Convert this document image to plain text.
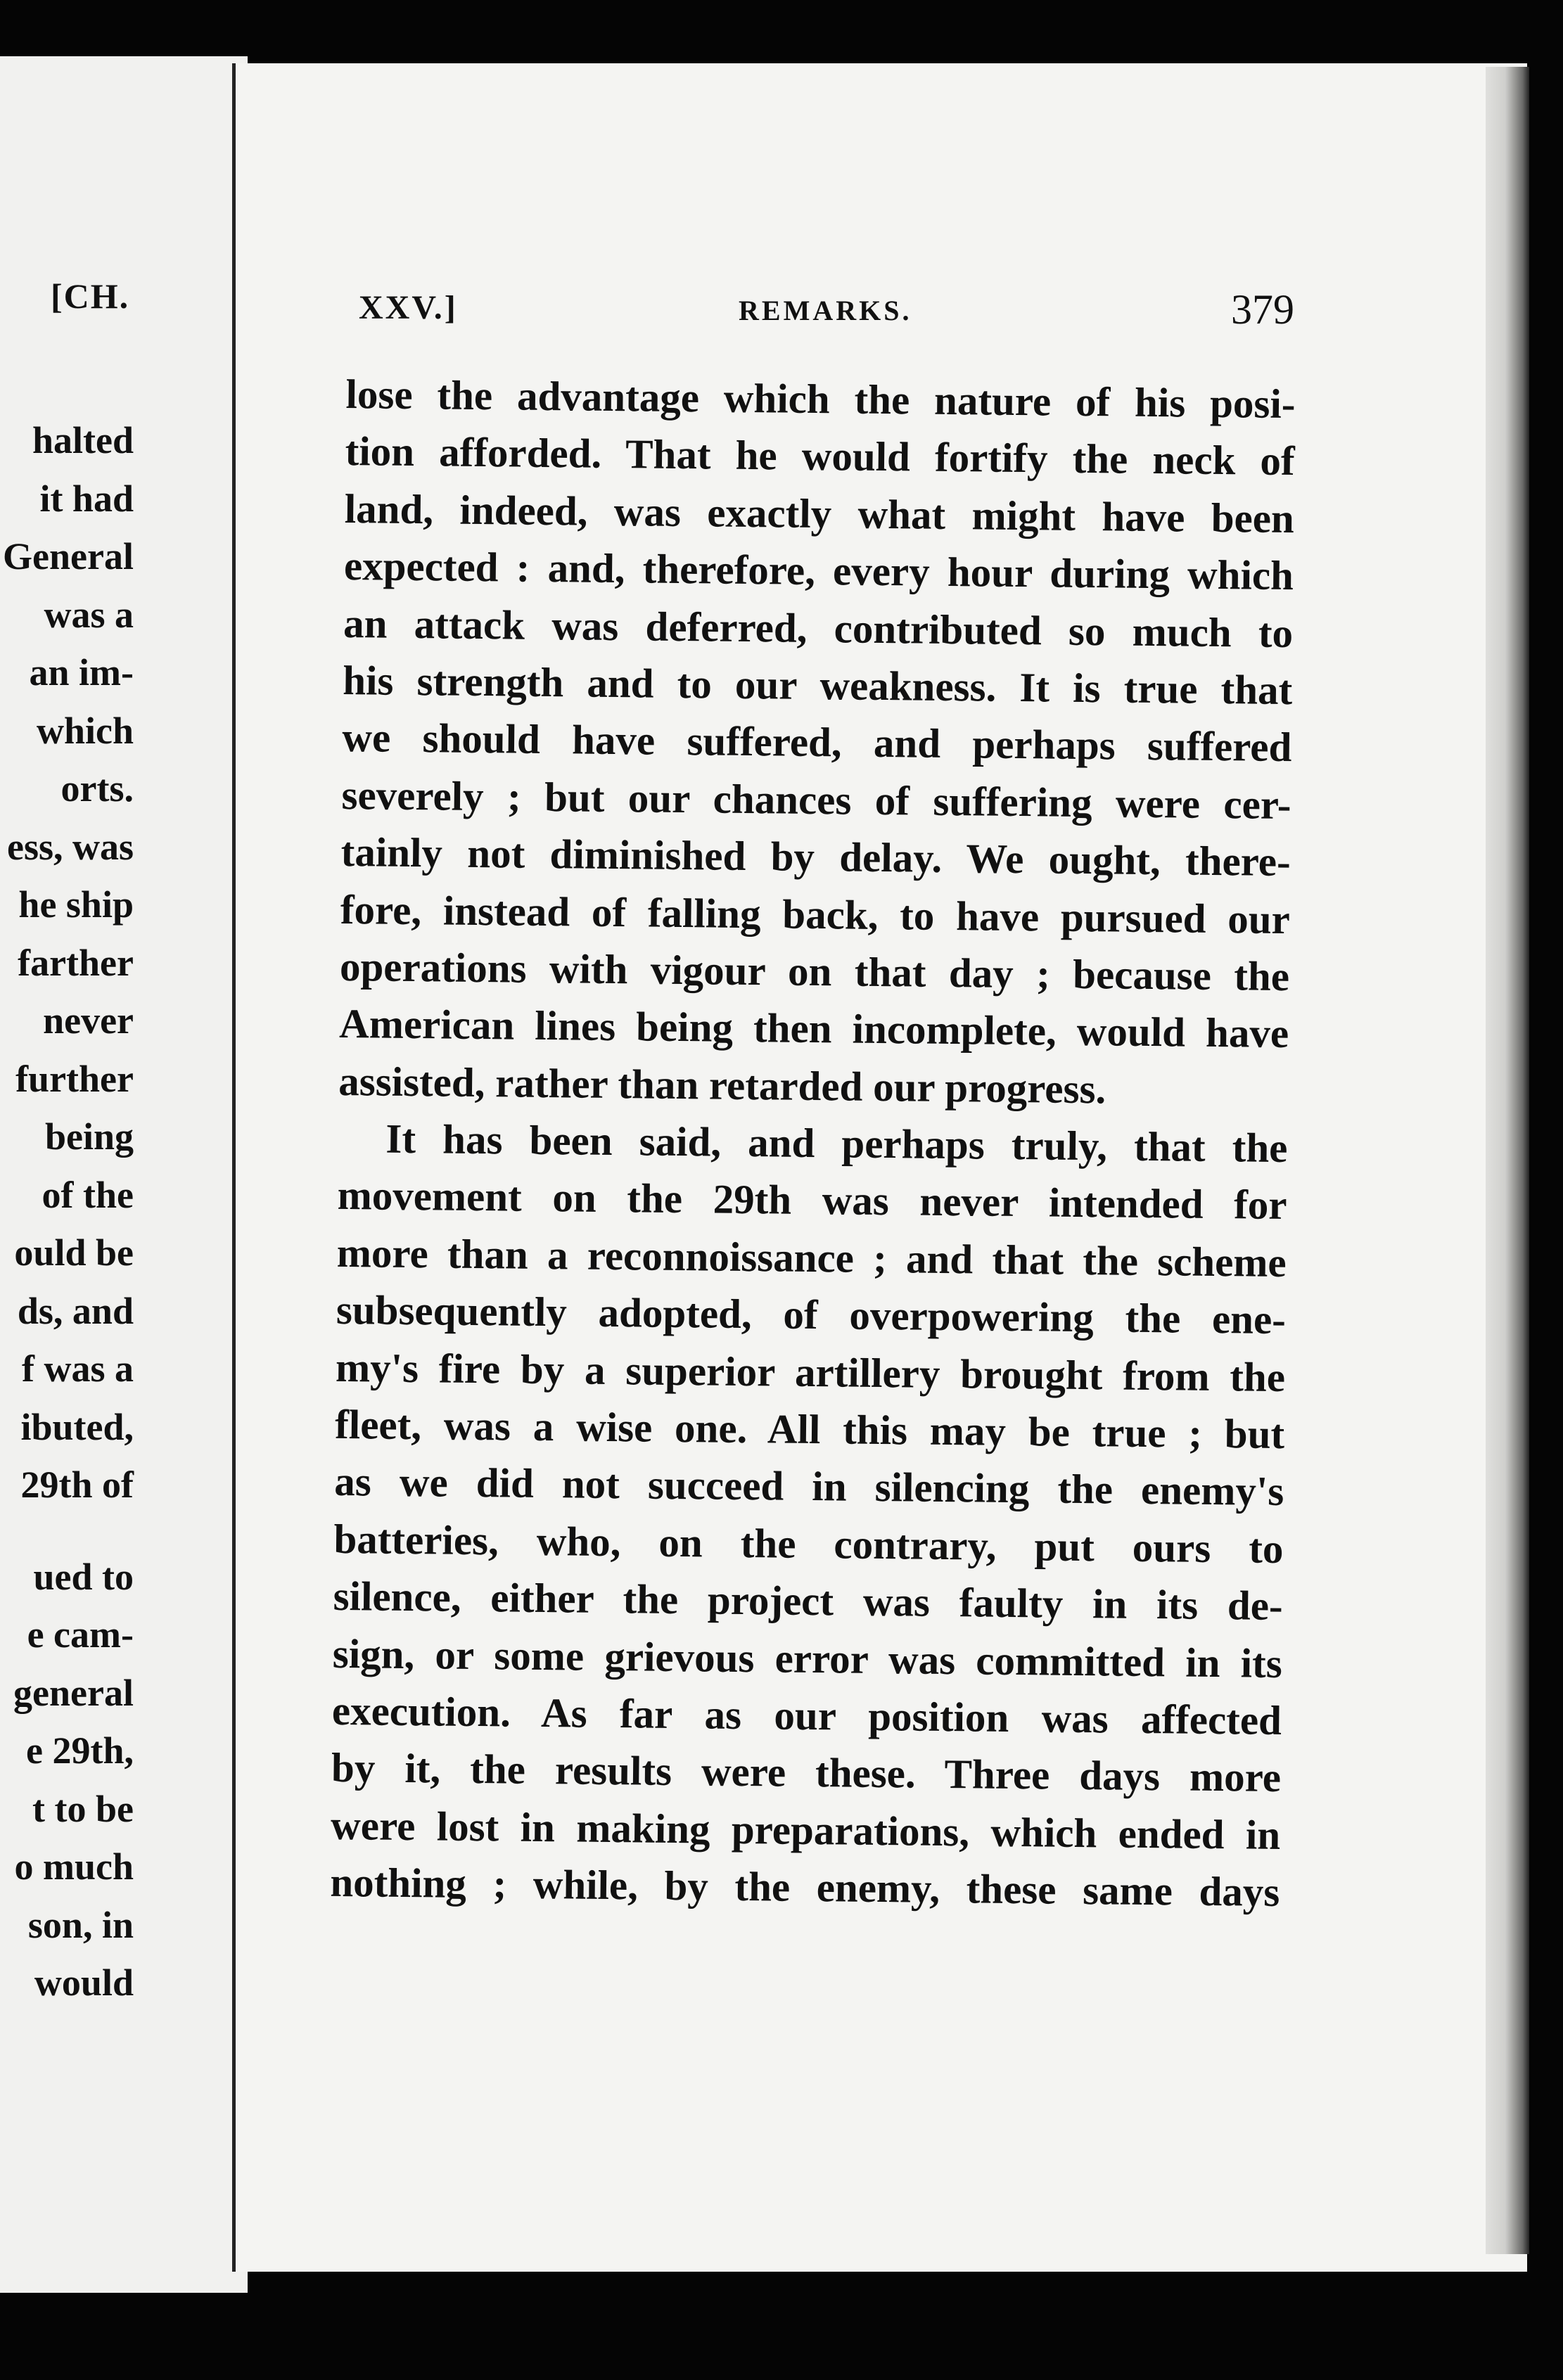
[CH.
halted
it had
General
was a
an im-
which
orts.
ess, was
he ship
farther
never
further
being
of the
ould be
ds, and
f was a
ibuted,
29th of
ued to
e cam-
general
e 29th,
t to be
o much
son, in
would
XXV.]	REMARKS.	379
lose the advantage which the nature of his posi-
tion afforded. That he would fortify the neck of
land, indeed, was exactly what might have been
expected : and, therefore, every hour during which
an attack was deferred, contributed so much to
his strength and to our weakness. It is true that
we should have suffered, and perhaps suffered
severely ; but our chances of suffering were cer-
tainly not diminished by delay. We ought, there-
fore, instead of falling back, to have pursued our
operations with vigour on that day ; because the
American lines being then incomplete, would have
assisted, rather than retarded our progress.
It has been said, and perhaps truly, that the
movement on the 29th was never intended for
more than a reconnoissance ; and that the scheme
subsequently adopted, of overpowering the ene-
my's fire by a superior artillery brought from the
fleet, was a wise one. All this may be true ; but
as we did not succeed in silencing the enemy's
batteries, who, on the contrary, put ours to
silence, either the project was faulty in its de-
sign, or some grievous error was committed in its
execution. As far as our position was affected
by it, the results were these. Three days more
were lost in making preparations, which ended in
nothing ; while, by the enemy, these same days
